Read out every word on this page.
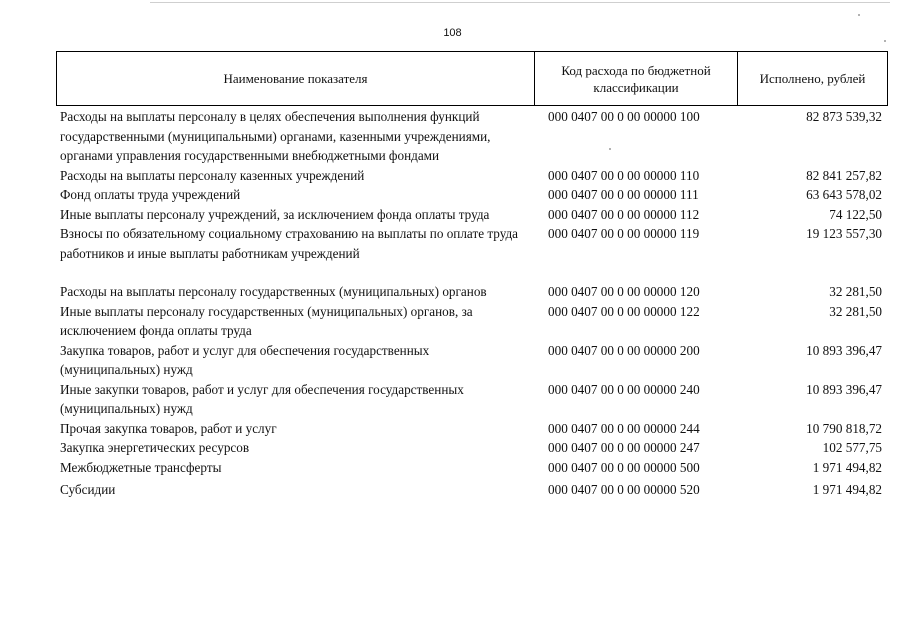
108
Наименование показателя
Код расхода по бюджетной классификации
Исполнено, рублей
Расходы на выплаты персоналу в целях обеспечения выполнения функций государственными (муниципальными) органами, казенными учреждениями, органами управления государственными внебюджетными фондами
000 0407 00 0 00 00000 100	82 873 539,32
Расходы на выплаты персоналу казенных учреждений	000 0407 00 0 00 00000 110	82 841 257,82
Фонд оплаты труда учреждений	000 0407 00 0 00 00000 111	63 643 578,02
Иные выплаты персоналу учреждений, за исключением фонда оплаты труда	000 0407 00 0 00 00000 112	74 122,50
Взносы по обязательному социальному страхованию на выплаты по оплате труда работников и иные выплаты работникам учреждений
000 0407 00 0 00 00000 119	19 123 557,30
Расходы на выплаты персоналу государственных (муниципальных) органов	000 0407 00 0 00 00000 120	32 281,50
Иные выплаты персоналу государственных (муниципальных) органов, за исключением фонда оплаты труда
000 0407 00 0 00 00000 122	32 281,50
Закупка товаров, работ и услуг для обеспечения государственных (муниципальных) нужд
000 0407 00 0 00 00000 200	10 893 396,47
Иные закупки товаров, работ и услуг для обеспечения государственных (муниципальных) нужд
000 0407 00 0 00 00000 240	10 893 396,47
Прочая закупка товаров, работ и услуг	000 0407 00 0 00 00000 244	10 790 818,72
Закупка энергетических ресурсов	000 0407 00 0 00 00000 247	102 577,75
Межбюджетные трансферты	000 0407 00 0 00 00000 500	1 971 494,82
Субсидии	000 0407 00 0 00 00000 520	1 971 494,82
